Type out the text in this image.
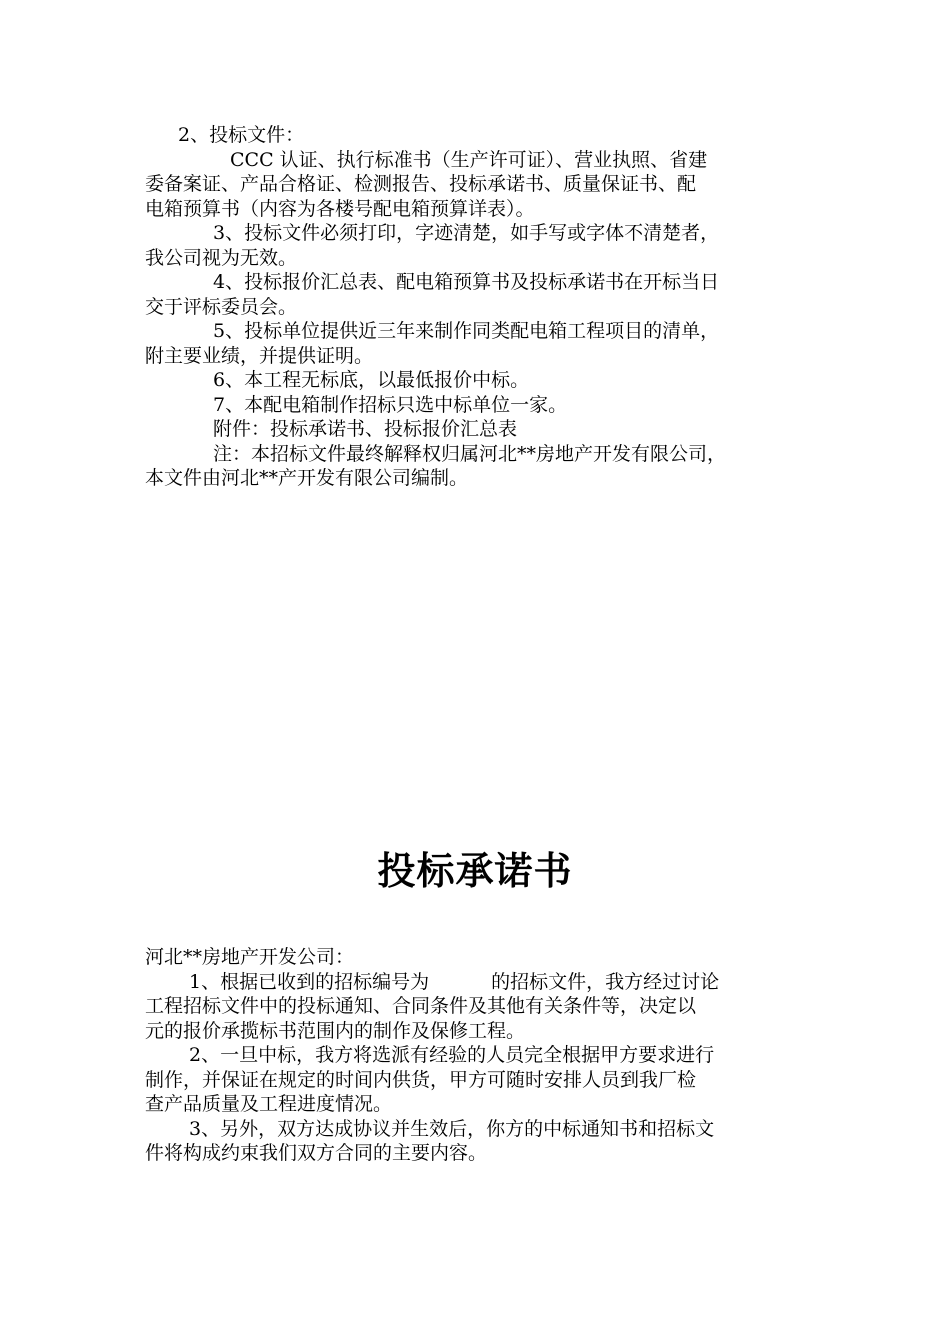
2、投标文件：
CCC 认证、执行标准书（生产许可证）、营业执照、省建
委备案证、产品合格证、检测报告、投标承诺书、质量保证书、配
电箱预算书（内容为各楼号配电箱预算详表）。
3、投标文件必须打印，字迹清楚，如手写或字体不清楚者，
我公司视为无效。
4、投标报价汇总表、配电箱预算书及投标承诺书在开标当日
交于评标委员会。
5、投标单位提供近三年来制作同类配电箱工程项目的清单，
附主要业绩，并提供证明。
6、本工程无标底，以最低报价中标。
7、本配电箱制作招标只选中标单位一家。
附件：投标承诺书、投标报价汇总表
注：本招标文件最终解释权归属河北**房地产开发有限公司，
本文件由河北**产开发有限公司编制。
投标承诺书
河北**房地产开发公司：
1、根据已收到的招标编号为	的招标文件，我方经过讨论
工程招标文件中的投标通知、合同条件及其他有关条件等，决定以
元的报价承揽标书范围内的制作及保修工程。
2、一旦中标，我方将选派有经验的人员完全根据甲方要求进行
制作，并保证在规定的时间内供货，甲方可随时安排人员到我厂检
查产品质量及工程进度情况。
3、另外，双方达成协议并生效后，你方的中标通知书和招标文
件将构成约束我们双方合同的主要内容。
